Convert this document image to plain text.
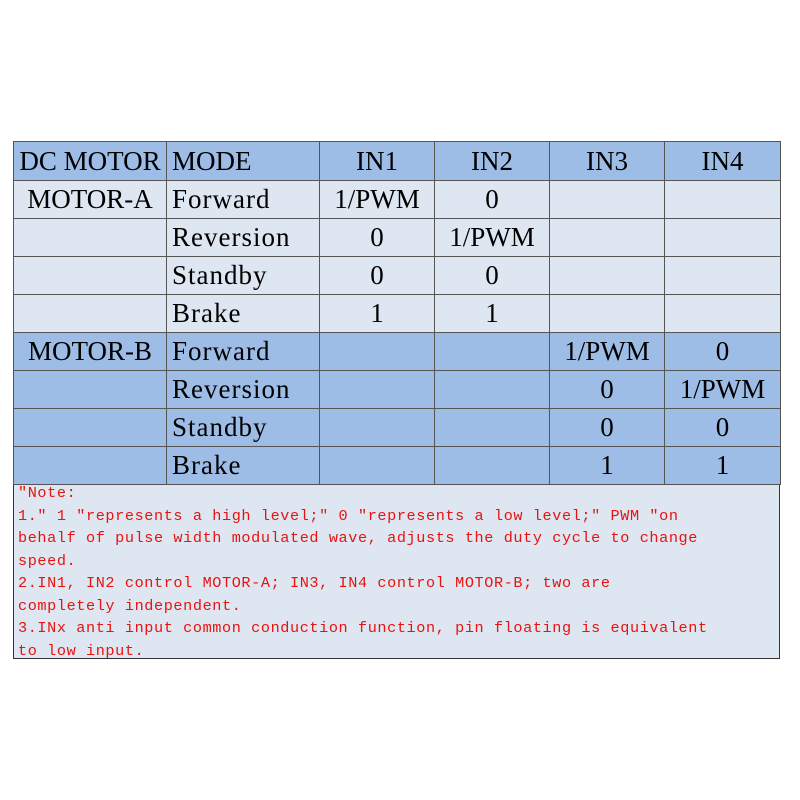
DC MOTOR	MODE	IN1	IN2	IN3	IN4
MOTOR-A	Forward	1/PWM	0		
	Reversion	0	1/PWM		
	Standby	0	0		
	Brake	1	1		
MOTOR-B	Forward			1/PWM	0
	Reversion			0	1/PWM
	Standby			0	0
	Brake			1	1
"Note:
1." 1 "represents a high level;" 0 "represents a low level;" PWM "on
behalf of pulse width modulated wave, adjusts the duty cycle to change
speed.
2.IN1, IN2 control MOTOR-A; IN3, IN4 control MOTOR-B; two are
completely independent.
3.INx anti input common conduction function, pin floating is equivalent
to low input.
